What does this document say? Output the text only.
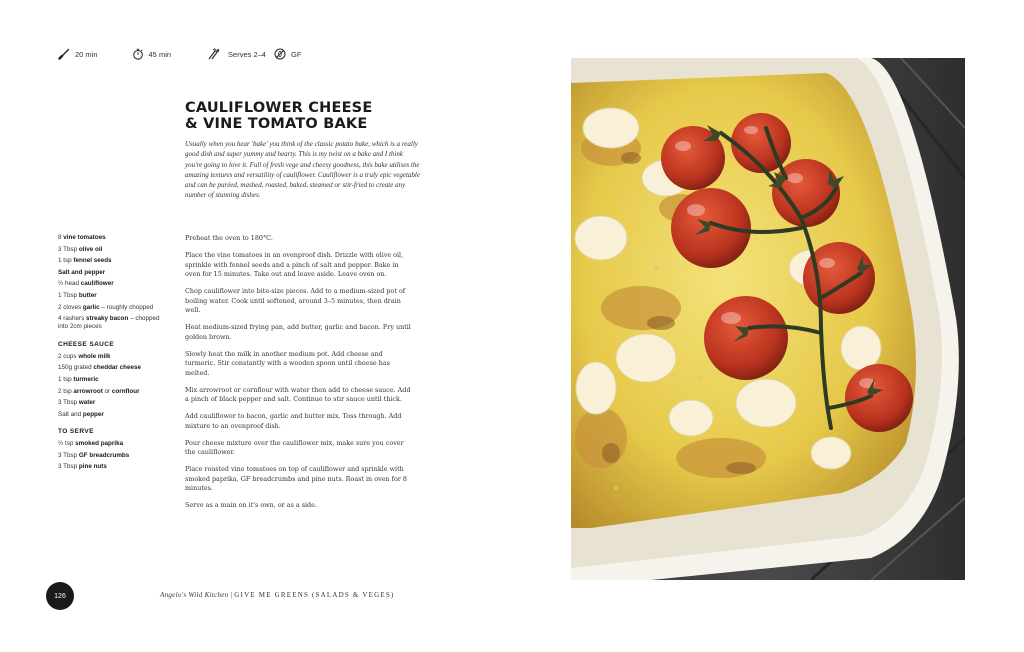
20 min	45 min	Serves 2–4	GF
CAULIFLOWER CHEESE
& VINE TOMATO BAKE

Usually when you hear 'bake' you think of the classic potato bake, which is a really good dish and super yummy and hearty. This is my twist on a bake and I think you're going to love it. Full of fresh vege and cheesy goodness, this bake utilises the amazing textures and versatility of cauliflower. Cauliflower is a truly epic vegetable and can be puréed, mashed, roasted, baked, steamed or stir-fried to create any number of stunning dishes.

8 vine tomatoes
3 Tbsp olive oil
1 tsp fennel seeds
Salt and pepper
½ head cauliflower
1 Tbsp butter
2 cloves garlic – roughly chopped
4 rashers streaky bacon – chopped into 2cm pieces
CHEESE SAUCE
2 cups whole milk
150g grated cheddar cheese
1 tsp turmeric
2 tsp arrowroot or cornflour
3 Tbsp water
Salt and pepper
TO SERVE
½ tsp smoked paprika
3 Tbsp GF breadcrumbs
3 Tbsp pine nuts

Preheat the oven to 180°C.

Place the vine tomatoes in an ovenproof dish. Drizzle with olive oil, sprinkle with fennel seeds and a pinch of salt and pepper. Bake in oven for 15 minutes. Take out and leave aside. Leave oven on.

Chop cauliflower into bite-size pieces. Add to a medium-sized pot of boiling water. Cook until softened, around 3–5 minutes, then drain well.

Heat medium-sized frying pan, add butter, garlic and bacon. Fry until golden brown.

Slowly heat the milk in another medium pot. Add cheese and turmeric. Stir constantly with a wooden spoon until cheese has melted.

Mix arrowroot or cornflour with water then add to cheese sauce. Add a pinch of black pepper and salt. Continue to stir sauce until thick.

Add cauliflower to bacon, garlic and butter mix. Toss through. Add mixture to an ovenproof dish.

Pour cheese mixture over the cauliflower mix, make sure you cover the cauliflower.

Place roasted vine tomatoes on top of cauliflower and sprinkle with smoked paprika, GF breadcrumbs and pine nuts. Roast in oven for 8 minutes.

Serve as a main on it's own, or as a side.

126	Angelo's Wild Kitchen | GIVE ME GREENS (SALADS & VEGES)
